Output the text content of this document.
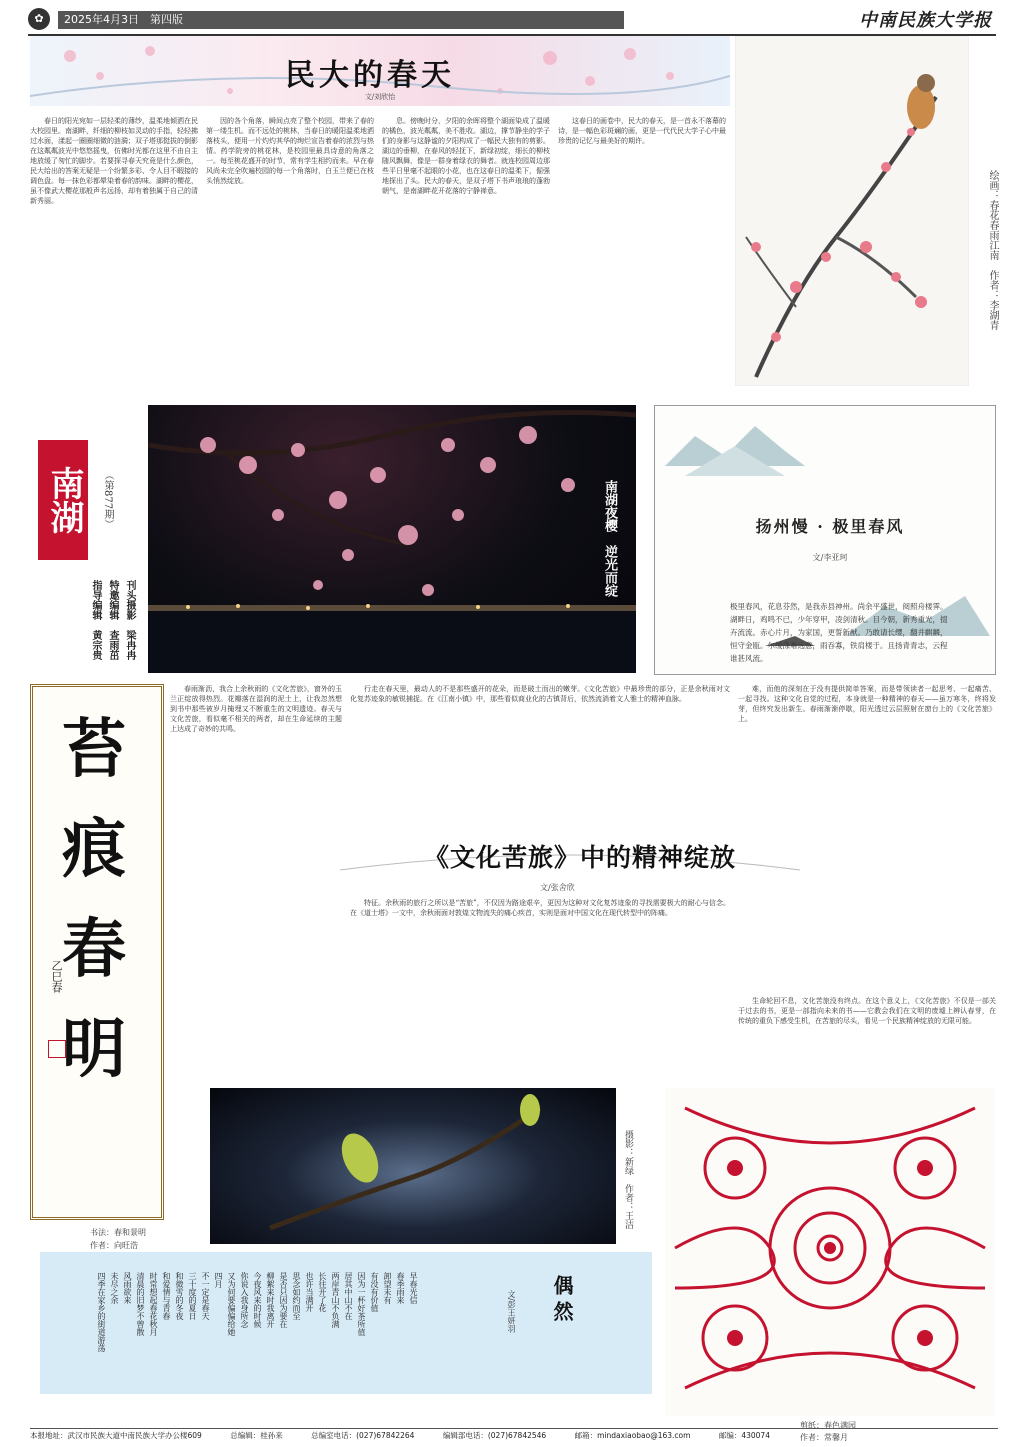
✿	2025年4月3日　第四版	中南民族大学报
民大的春天
文/刘欣怡

春日的阳光宛如一层轻柔的薄纱，温柔地倾洒在民大校园里。南湖畔，纤细的柳枝如灵动的手指，轻轻拂过水面，漾起一圈圈细微的涟漪；双子塔那挺拔的倒影在这粼粼波光中悠悠摇曳，仿佛时光都在这里不由自主地放缓了匆忙的脚步。若要探寻春天究竟是什么颜色，民大给出的答案无疑是一个纷繁多彩、令人目不暇接的调色盘。每一抹色彩都晕染着春的韵味。湖畔的樱花，虽不像武大樱花那般声名远扬，却有着独属于自己的清新秀丽。

因的各个角落，瞬间点亮了整个校园，带来了春的第一缕生机。而不远处的桃林，当春日的暖阳温柔地洒落枝头，便用一片灼灼其华的绚烂宣告着春的浓烈与热情。药学院旁的桃花林，是校园里最具诗意的角落之一。每至桃花盛开的时节，常有学生相约而来。早在春风尚未完全吹遍校园的每一个角落时，白玉兰便已在枝头悄然绽放。

息。傍晚时分，夕阳的余晖将整个湖面染成了温暖的橘色，波光粼粼，美不胜收。湖边，撑节静坐的学子们的身影与这静谧的夕阳构成了一幅民大独有的剪影。湖边的垂柳，在春风的轻抚下，新绿初绽，细长的柳枝随风飘舞，像是一群身着绿衣的舞者。就连校园周边那些平日里毫不起眼的小花，也在这春日的温柔下，倔强地探出了头。民大的春天，是双子塔下书声琅琅的蓬勃朝气，是南湖畔花开花落的宁静禅意。

这春日的画卷中，民大的春天，是一首永不落幕的诗，是一幅色彩斑斓的画，更是一代代民大学子心中最珍贵的记忆与最美好的期许。

绘画：春花春雨江南　作者：李湖青
南湖	（第877期）
刊头摄影　梁冉冉
特邀编辑　查雨茁
指导编辑　黄宗贵
南湖夜樱　逆光而绽	扬州慢 · 极里春风
文/李亚珂
极里春风，花息芬然，是我赤县神州。尚余平盛世，阅照舟楼霁。湖畔日，鸡鸣不已，少年穿甲，凌剑清秋。目今朝，新秀重光，掇卉流流。赤心片月，为家国，更誓新猷。乃敢请长缨，翻并麒麟，恒守金瓯。尔缓涤难远意，雨吞寡，铁肩楼于。且扬青青志，云程谁甚风流。
苔痕春明
乙巳春
书法：春和景明
作者：向旺浩

春雨渐沥，我合上余秋雨的《文化苦旅》，窗外的玉兰正绽放得热烈。花瓣落在湿润的泥土上，让我忽然想到书中那些被岁月掩埋又不断重生的文明遗迹。春天与文化苦旅，看似毫不相关的两者，却在生命延续的主题上达成了奇妙的共鸣。

行走在春天里，最动人的不是那些盛开的花朵，而是破土而出的嫩芽。《文化苦旅》中最珍贵的部分，正是余秋雨对文化复苏迹象的敏锐捕捉。在《江南小镇》中，那些看似商业化的古镇背后，依然流淌着文人雅士的精神血脉。

难，而他的深刻在于没有提供简单答案，而是带领读者一起思考、一起痛苦、一起寻找。这种文化自觉的过程，本身就是一种精神的春天——虽万寒冬，终将发芽，但终究发出新生。春雨渐渐停歇，阳光透过云层照射在窗台上的《文化苦旅》上。

《文化苦旅》中的精神绽放
文/张舍欣

特征。余秋雨的旅行之所以是“苦旅”，不仅因为路途艰辛，更因为这种对文化复苏迹象的寻找需要极大的耐心与信念。在《道士塔》一文中，余秋雨面对敦煌文物流失的痛心疾首，实则是面对中国文化在现代转型中的阵痛。

生命轮回不息，文化苦旅没有终点。在这个意义上，《文化苦旅》不仅是一部关于过去的书，更是一部指向未来的书——它教会我们在文明的废墟上辨认春芽，在传统的重负下感受生机，在苦旅的尽头，看见一个民族精神绽放的无限可能。

摄影：新绿　作者：王洁
剪纸：春色满园
作者：常馨月
偶然
文/彭王妍羽
早春光信
春季雨来
卸望未有
有没有价值
因为一杯好茶所值
居其中山不在
两岸青山不负满
长往开了花
也许当满开
思念如约而至
是否只因为要在
柳絮来时我离开
今夜风来的时候
你说入我身所念
又为何要偏偏给她
四月
不一定是春天
三十度的夏日
和微雪的冬夜
和爱情与青春
时常想起春花秋月
清晨的旧梦不曾散
风雨欲来
未尽之余
四季在家乡的街道游荡
本报地址：武汉市民族大道中南民族大学办公楼609	总编辑：桂孙来	总编室电话：(027)67842264	编辑部电话：(027)67842546	邮箱：mindaxiaobao@163.com	邮编：430074
